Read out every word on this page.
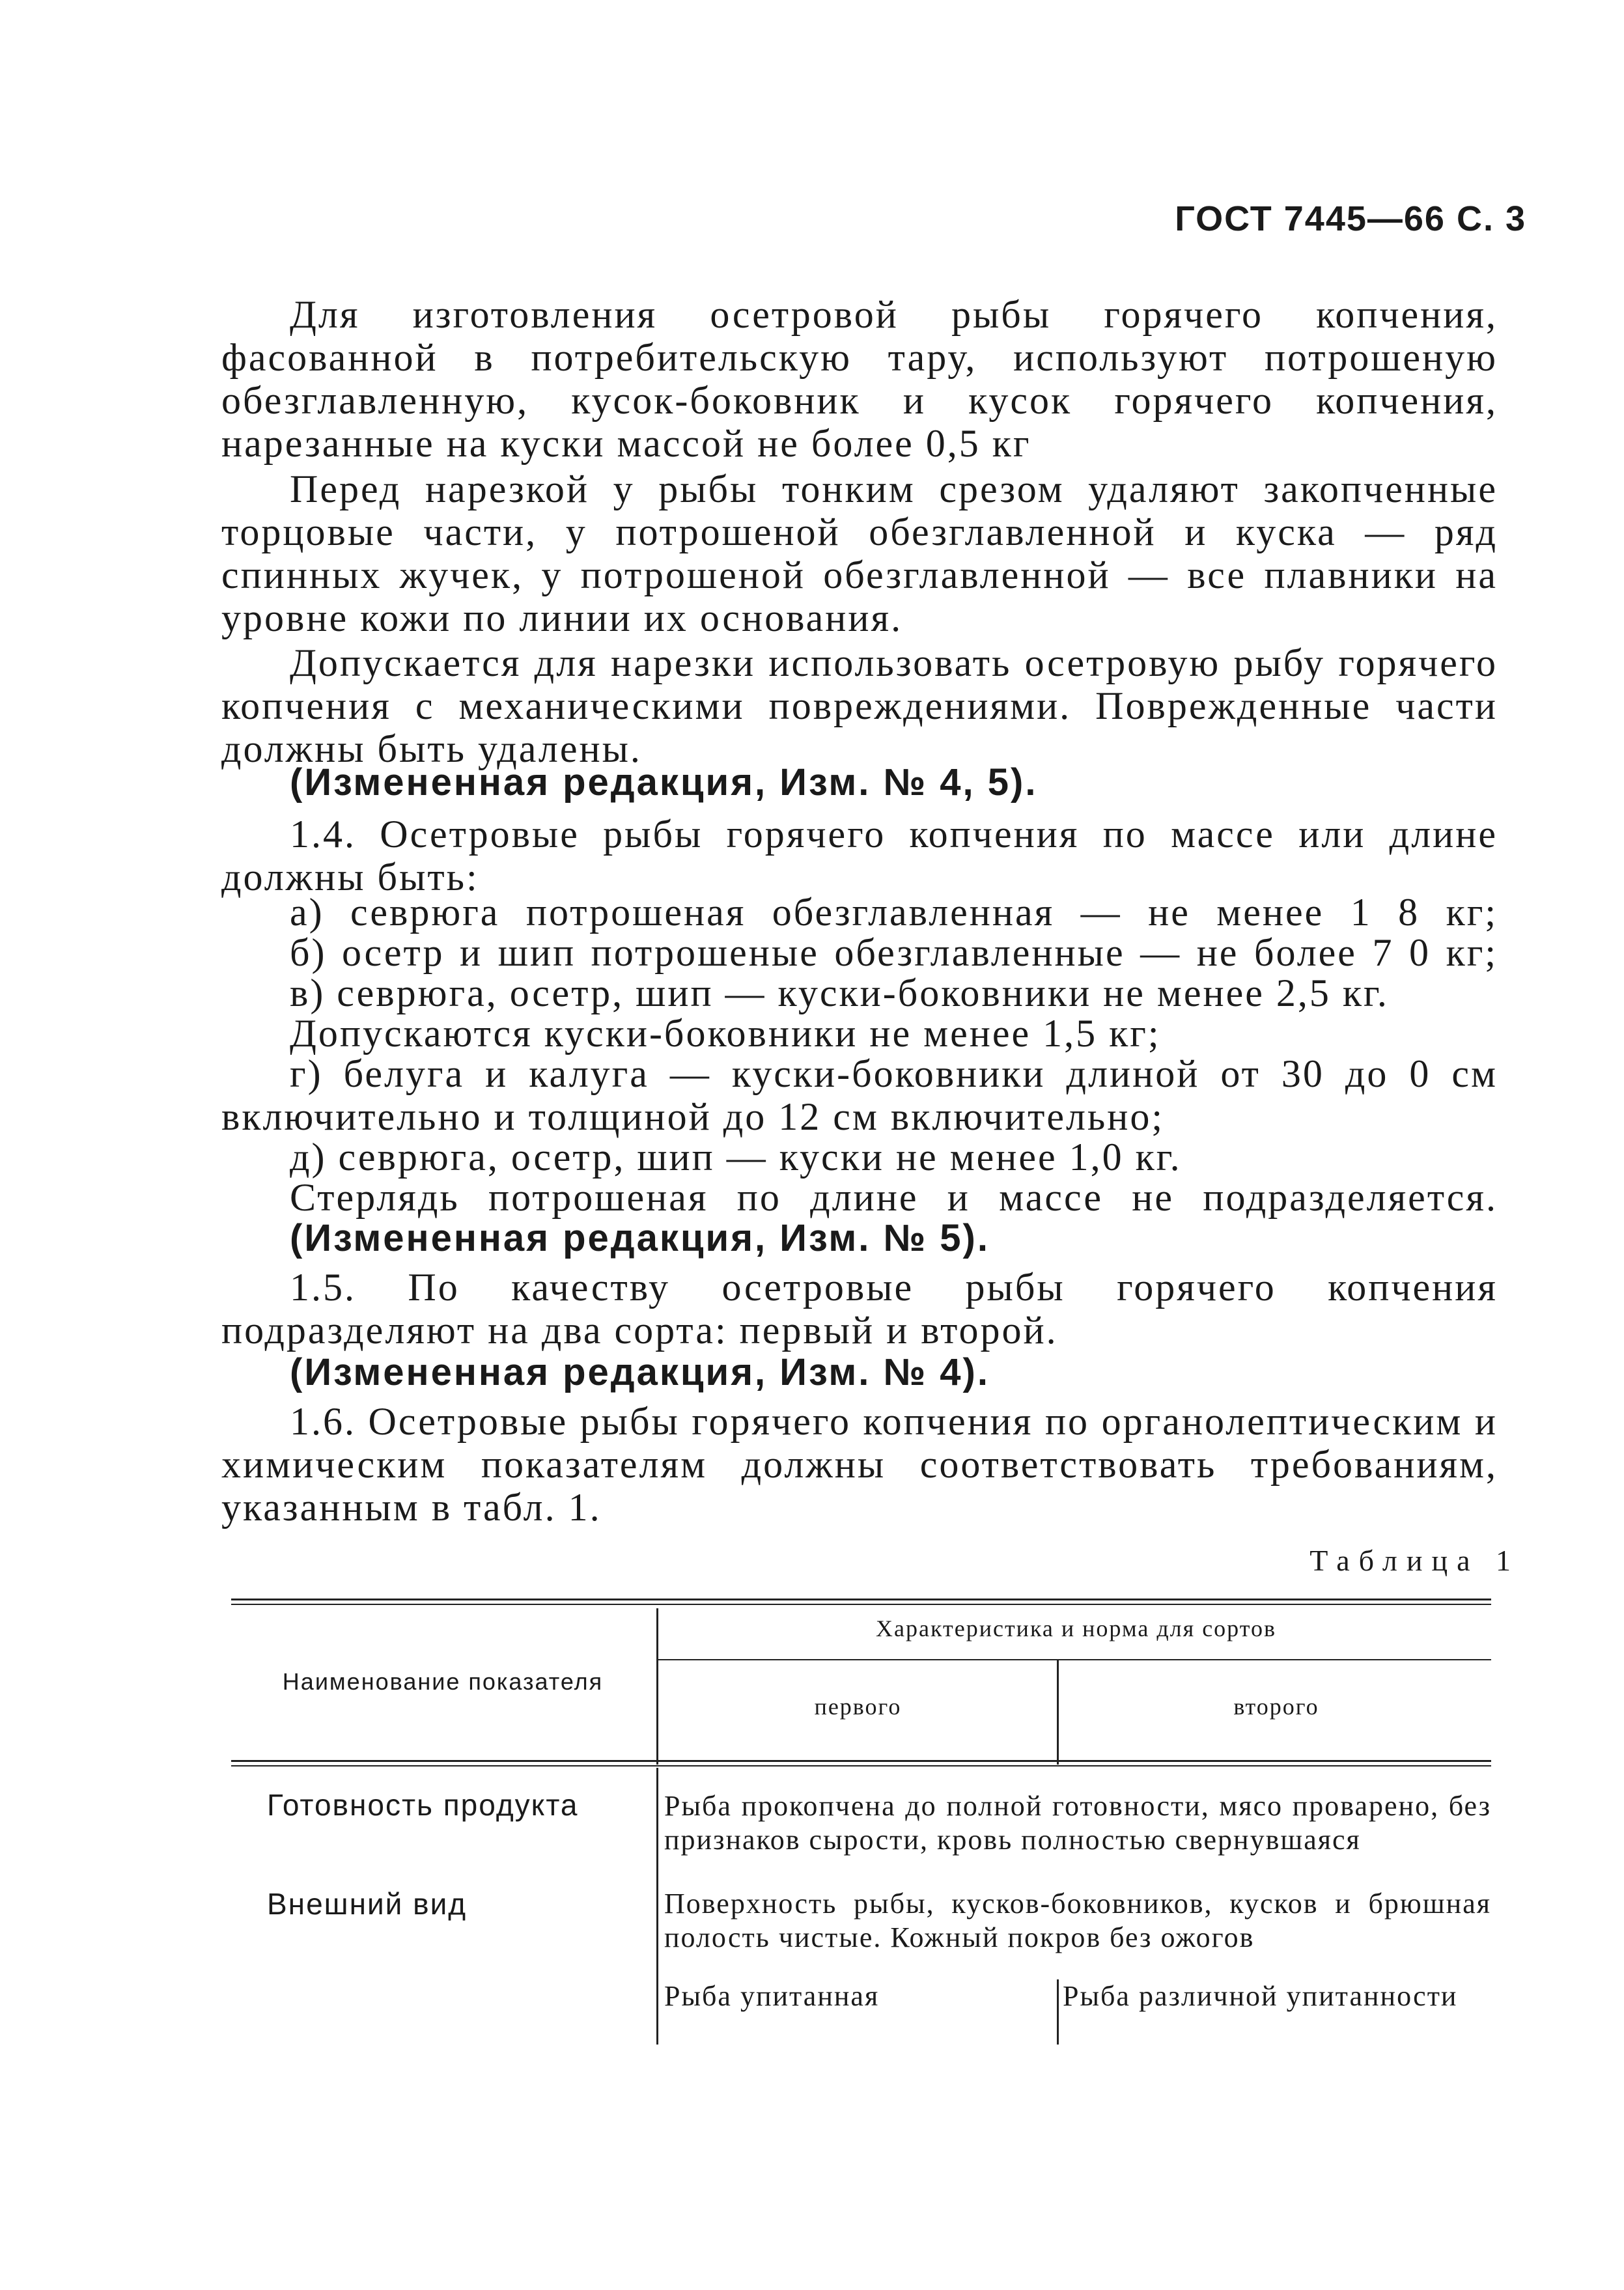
ГОСТ 7445—66 С. 3

Для изготовления осетровой рыбы горячего копчения, фасованной в потребительскую тару, используют потрошеную обезглавленную, кусок-боковник и кусок горячего копчения, нарезанные на куски массой не более 0,5 кг

Перед нарезкой у рыбы тонким срезом удаляют закопченные торцовые части, у потрошеной обезглавленной и куска — ряд спинных жучек, у потрошеной обезглавленной — все плавники на уровне кожи по линии их основания.

Допускается для нарезки использовать осетровую рыбу горячего копчения с механическими повреждениями. Поврежденные части должны быть удалены.

(Измененная редакция, Изм. № 4, 5).

1.4. Осетровые рыбы горячего копчения по массе или длине должны быть:

а) севрюга потрошеная обезглавленная — не менее 1 8 кг;
б) осетр и шип потрошеные обезглавленные — не более 7 0 кг;
в) севрюга, осетр, шип — куски-боковники не менее 2,5 кг.
Допускаются куски-боковники не менее 1,5 кг;

г) белуга и калуга — куски-боковники длиной от 30 до 0 см включительно и толщиной до 12 см включительно;

д) севрюга, осетр, шип — куски не менее 1,0 кг.
Стерлядь потрошеная по длине и массе не подразделяется.
(Измененная редакция, Изм. № 5).

1.5. По качеству осетровые рыбы горячего копчения подразделяют на два сорта: первый и второй.

(Измененная редакция, Изм. № 4).

1.6. Осетровые рыбы горячего копчения по органолептическим и химическим показателям должны соответствовать требованиям, указанным в табл. 1.

Таблица 1
Наименование показателя
Характеристика и норма для сортов
первого	второго
Готовность продукта	Рыба прокопчена до полной готовности, мясо проварено, без признаков сырости, кровь полностью свернувшаяся
Внешний вид	Поверхность рыбы, кусков-боковников, кусков и брюшная полость чистые. Кожный покров без ожогов
Рыба упитанная	Рыба различной упитанности
